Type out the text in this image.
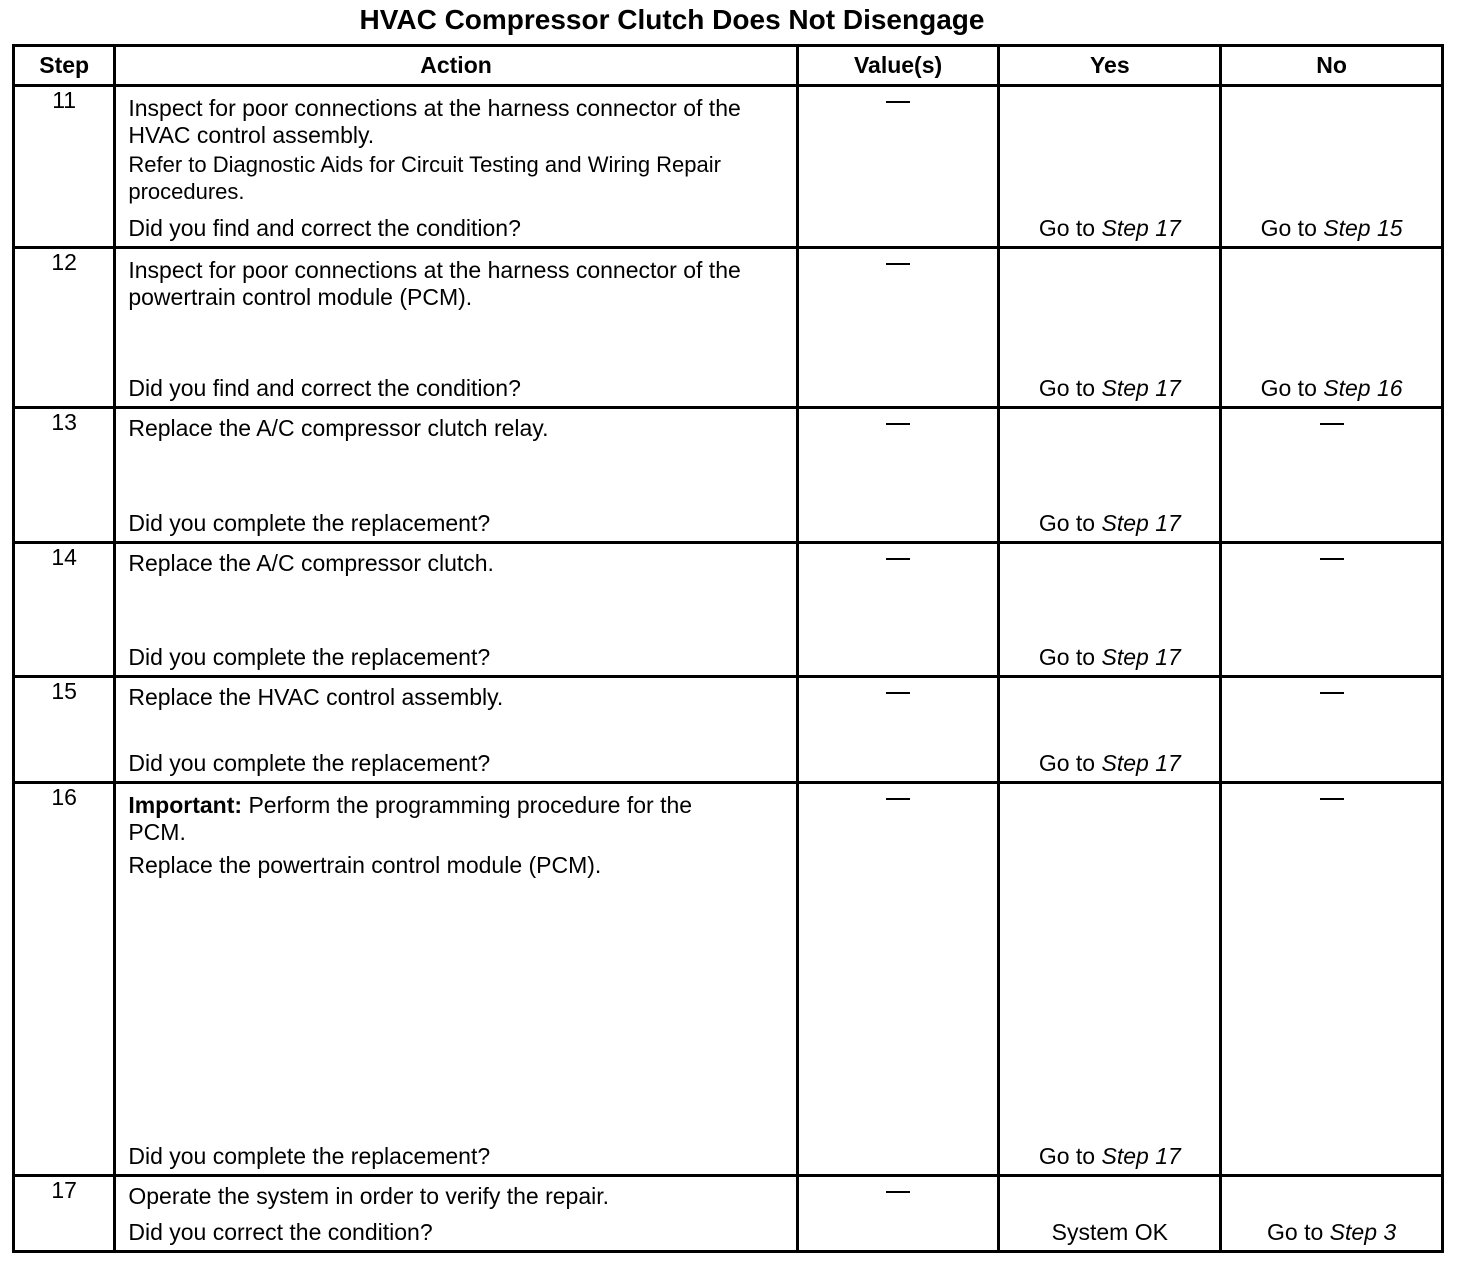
HVAC Compressor Clutch Does Not Disengage
Step	Action	Value(s)	Yes	No
11	Inspect for poor connections at the harness connector of the HVAC control assembly.

Refer to Diagnostic Aids for Circuit Testing and Wiring Repair procedures.

Did you find and correct the condition?		Go to Step 17	Go to Step 15

12	Inspect for poor connections at the harness connector of the powertrain control module (PCM).

Did you find and correct the condition?		Go to Step 17	Go to Step 16

13	Replace the A/C compressor clutch relay.

Did you complete the replacement?		Go to Step 17	

14	Replace the A/C compressor clutch.

Did you complete the replacement?		Go to Step 17	

15	Replace the HVAC control assembly.

Did you complete the replacement?		Go to Step 17	

16	Important: Perform the programming procedure for the PCM.

Replace the powertrain control module (PCM).

Did you complete the replacement?		Go to Step 17	

17	Operate the system in order to verify the repair.

Did you correct the condition?		System OK	Go to Step 3
